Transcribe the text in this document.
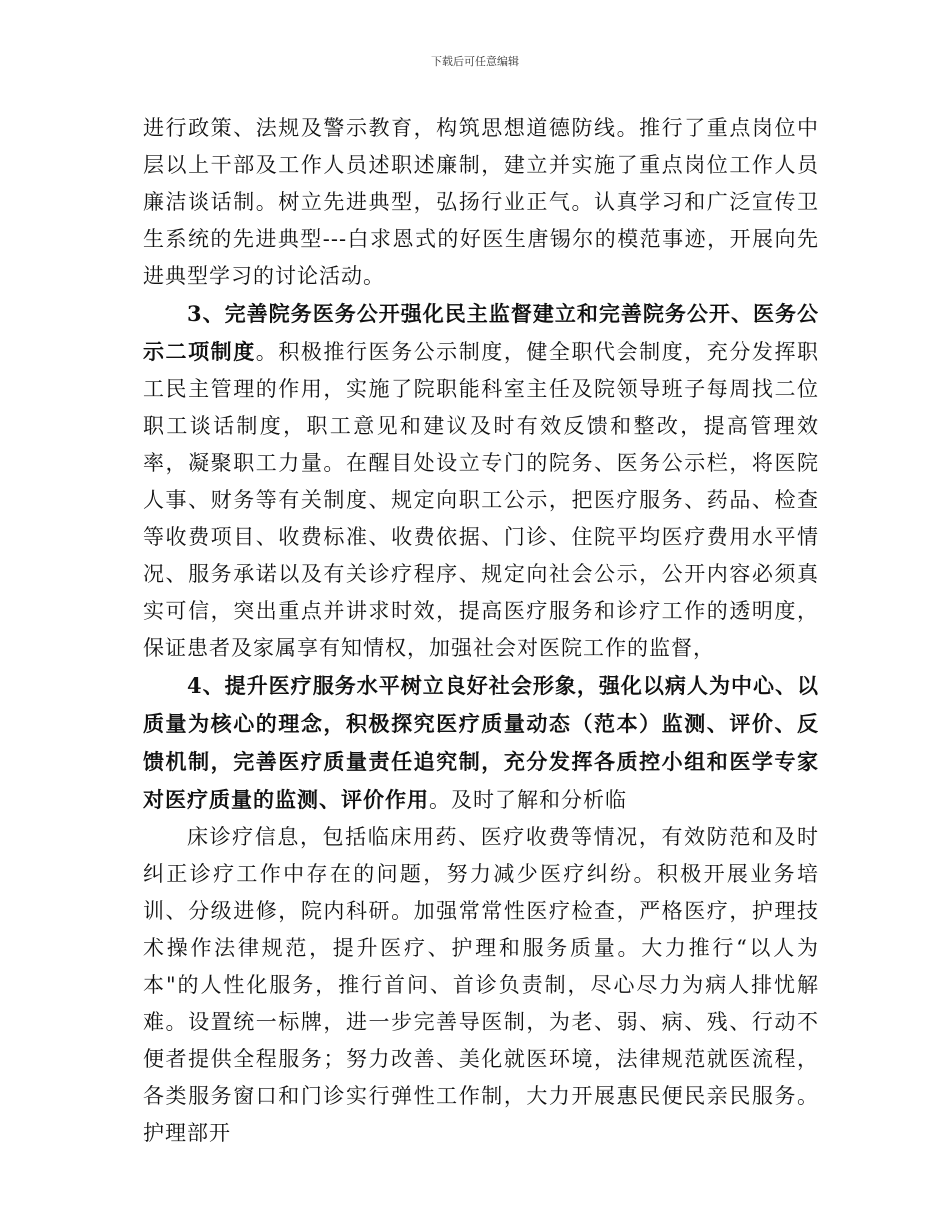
下载后可任意编辑

进行政策、法规及警示教育，构筑思想道德防线。推行了重点岗位中层以上干部及工作人员述职述廉制，建立并实施了重点岗位工作人员廉洁谈话制。树立先进典型，弘扬行业正气。认真学习和广泛宣传卫生系统的先进典型---白求恩式的好医生唐锡尔的模范事迹，开展向先进典型学习的讨论活动。

3、完善院务医务公开强化民主监督建立和完善院务公开、医务公示二项制度。积极推行医务公示制度，健全职代会制度，充分发挥职工民主管理的作用，实施了院职能科室主任及院领导班子每周找二位职工谈话制度，职工意见和建议及时有效反馈和整改，提高管理效率，凝聚职工力量。在醒目处设立专门的院务、医务公示栏，将医院人事、财务等有关制度、规定向职工公示，把医疗服务、药品、检查等收费项目、收费标准、收费依据、门诊、住院平均医疗费用水平情况、服务承诺以及有关诊疗程序、规定向社会公示，公开内容必须真实可信，突出重点并讲求时效，提高医疗服务和诊疗工作的透明度，保证患者及家属享有知情权，加强社会对医院工作的监督，

4、提升医疗服务水平树立良好社会形象，强化以病人为中心、以质量为核心的理念，积极探究医疗质量动态（范本）监测、评价、反馈机制，完善医疗质量责任追究制，充分发挥各质控小组和医学专家对医疗质量的监测、评价作用。及时了解和分析临

床诊疗信息，包括临床用药、医疗收费等情况，有效防范和及时纠正诊疗工作中存在的问题，努力减少医疗纠纷。积极开展业务培训、分级进修，院内科研。加强常常性医疗检查，严格医疗，护理技术操作法律规范，提升医疗、护理和服务质量。大力推行“以人为本"的人性化服务，推行首问、首诊负责制，尽心尽力为病人排忧解难。设置统一标牌，进一步完善导医制，为老、弱、病、残、行动不便者提供全程服务；努力改善、美化就医环境，法律规范就医流程，各类服务窗口和门诊实行弹性工作制，大力开展惠民便民亲民服务。护理部开
